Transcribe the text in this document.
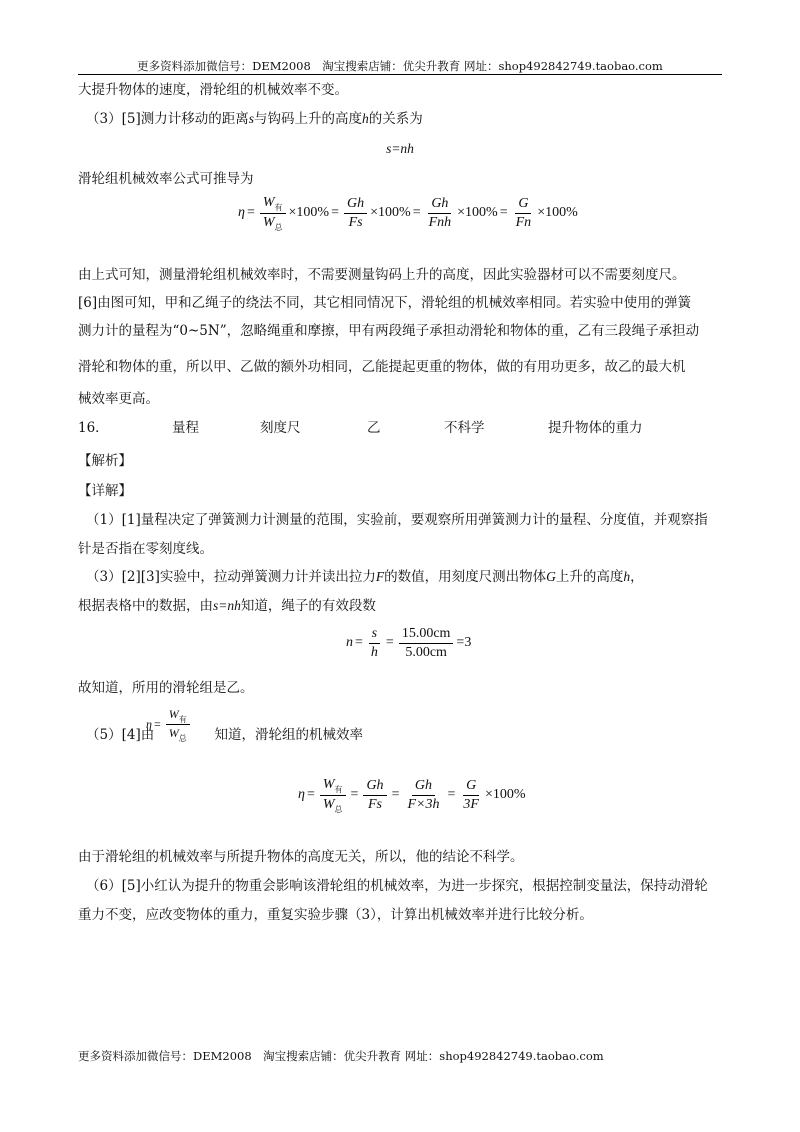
更多资料添加微信号：DEM2008　淘宝搜索店铺：优尖升教育 网址：shop492842749.taobao.com
大提升物体的速度，滑轮组的机械效率不变。
（3）[5]测力计移动的距离s与钩码上升的高度h的关系为
s=nh
滑轮组机械效率公式可推导为
$\eta = \frac{W_有}{W_总} \times 100\% = \frac{Gh}{Fs} \times 100\% = \frac{Gh}{\text{Fnh}} \times 100\% = \frac{G}{Fn} \times 100\%$
由上式可知，测量滑轮组机械效率时，不需要测量钩码上升的高度，因此实验器材可以不需要刻度尺。
[6]由图可知，甲和乙绳子的绕法不同，其它相同情况下，滑轮组的机械效率相同。若实验中使用的弹簧
测力计的量程为“0~5N”，忽略绳重和摩擦，甲有两段绳子承担动滑轮和物体的重，乙有三段绳子承担动
滑轮和物体的重，所以甲、乙做的额外功相同，乙能提起更重的物体，做的有用功更多，故乙的最大机
械效率更高。
16．	量程	刻度尺	乙	不科学	提升物体的重力
【解析】
【详解】
（1）[1]量程决定了弹簧测力计测量的范围，实验前，要观察所用弹簧测力计的量程、分度值，并观察指
针是否指在零刻度线。
（3）[2][3]实验中，拉动弹簧测力计并读出拉力F的数值，用刻度尺测出物体G上升的高度h，
根据表格中的数据，由s=nh知道，绳子的有效段数
$n = \frac{s}{h} = \frac{15.00cm}{5.00cm} =3$
故知道，所用的滑轮组是乙。
（5）[4]由	知道，滑轮组的机械效率
$\eta = \frac{W_有}{W_总}$
$\eta = \frac{W_有}{W_总} = \frac{Gh}{Fs} = \frac{Gh}{F\times 3h} = \frac{G}{3F} \times 100\%$
由于滑轮组的机械效率与所提升物体的高度无关，所以，他的结论不科学。
（6）[5]小红认为提升的物重会影响该滑轮组的机械效率，为进一步探究，根据控制变量法，保持动滑轮
重力不变，应改变物体的重力，重复实验步骤（3），计算出机械效率并进行比较分析。
更多资料添加微信号：DEM2008　淘宝搜索店铺：优尖升教育 网址：shop492842749.taobao.com
